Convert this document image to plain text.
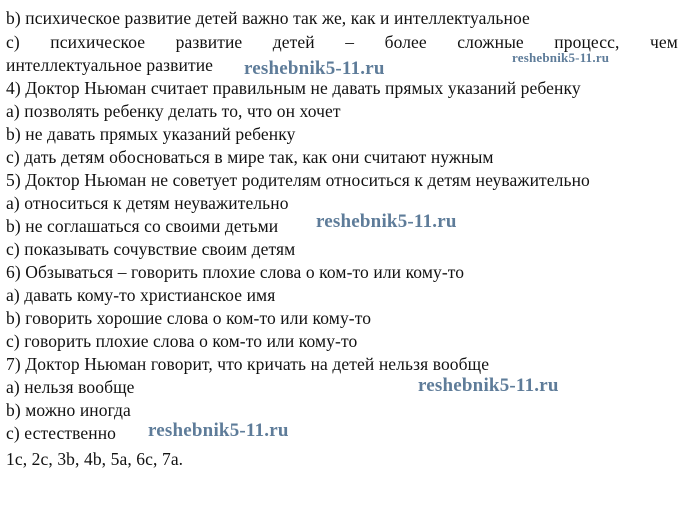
b) психическое развитие детей важно так же, как и интеллектуальное
c) психическое развитие детей – более сложные процесс, чем
интеллектуальное развитие
4) Доктор Ньюман считает правильным не давать прямых указаний ребенку
a) позволять ребенку делать то, что он хочет
b) не давать прямых указаний ребенку
c) дать детям обосноваться в мире так, как они считают нужным
5) Доктор Ньюман не советует родителям относиться к детям неуважительно
a) относиться к детям неуважительно
b) не соглашаться со своими детьми
c) показывать сочувствие своим детям
6) Обзываться – говорить плохие слова о ком-то или кому-то
a) давать кому-то христианское имя
b) говорить хорошие слова о ком-то или кому-то
c) говорить плохие слова о ком-то или кому-то
7) Доктор Ньюман говорит, что кричать на детей нельзя вообще
a) нельзя вообще
b) можно иногда
c) естественно
1c, 2c, 3b, 4b, 5a, 6c, 7a.
reshebnik5-11.ru
reshebnik5-11.ru
reshebnik5-11.ru
reshebnik5-11.ru
reshebnik5-11.ru
